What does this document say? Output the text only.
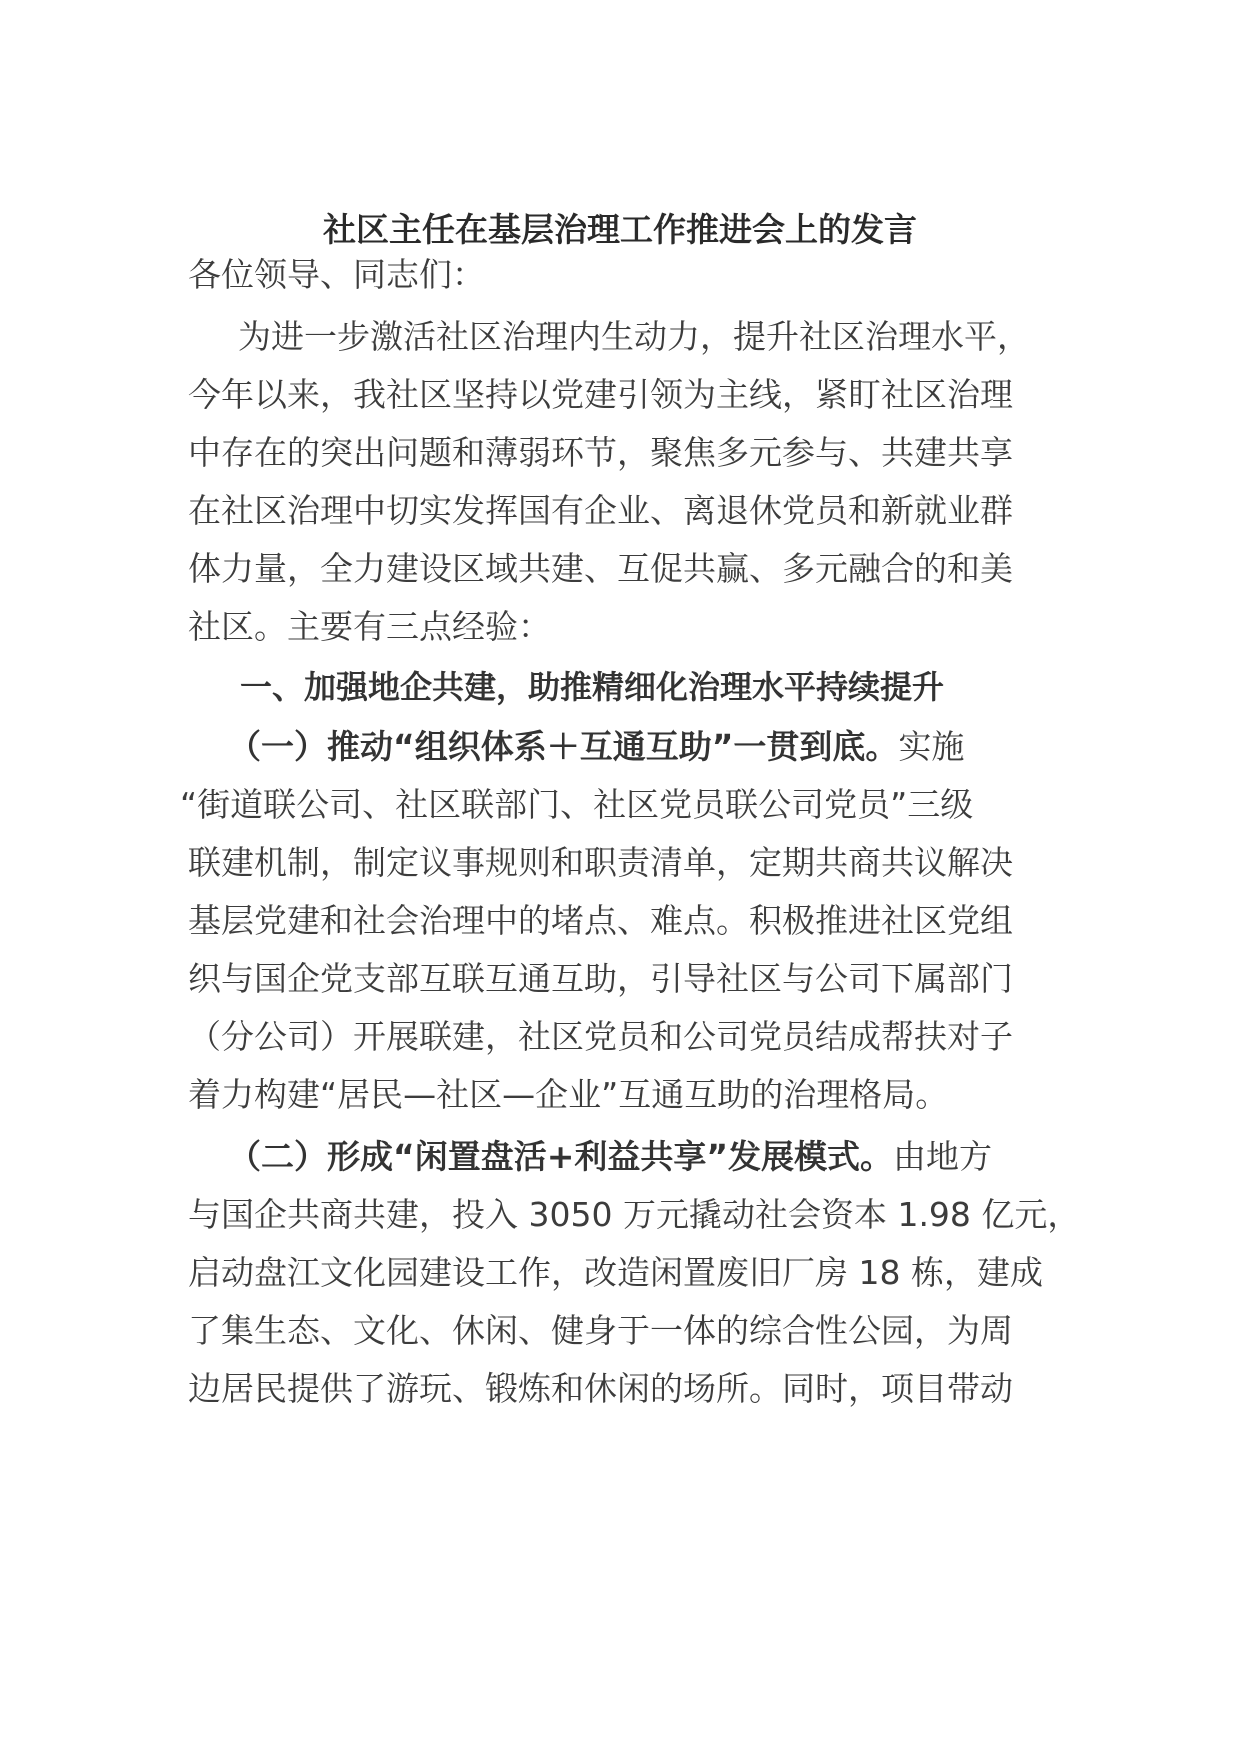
社区主任在基层治理工作推进会上的发言
各位领导、同志们：
为进一步激活社区治理内生动力，提升社区治理水平，
今年以来，我社区坚持以党建引领为主线，紧盯社区治理
中存在的突出问题和薄弱环节，聚焦多元参与、共建共享
在社区治理中切实发挥国有企业、离退休党员和新就业群
体力量，全力建设区域共建、互促共赢、多元融合的和美
社区。主要有三点经验：
一、加强地企共建，助推精细化治理水平持续提升
（一）推动“组织体系＋互通互助”一贯到底。实施
“街道联公司、社区联部门、社区党员联公司党员”三级
联建机制，制定议事规则和职责清单，定期共商共议解决
基层党建和社会治理中的堵点、难点。积极推进社区党组
织与国企党支部互联互通互助，引导社区与公司下属部门
（分公司）开展联建，社区党员和公司党员结成帮扶对子
着力构建“居民—社区—企业”互通互助的治理格局。
（二）形成“闲置盘活+利益共享”发展模式。由地方
与国企共商共建，投入 3050 万元撬动社会资本 1.98 亿元，
启动盘江文化园建设工作，改造闲置废旧厂房 18 栋，建成
了集生态、文化、休闲、健身于一体的综合性公园，为周
边居民提供了游玩、锻炼和休闲的场所。同时，项目带动
